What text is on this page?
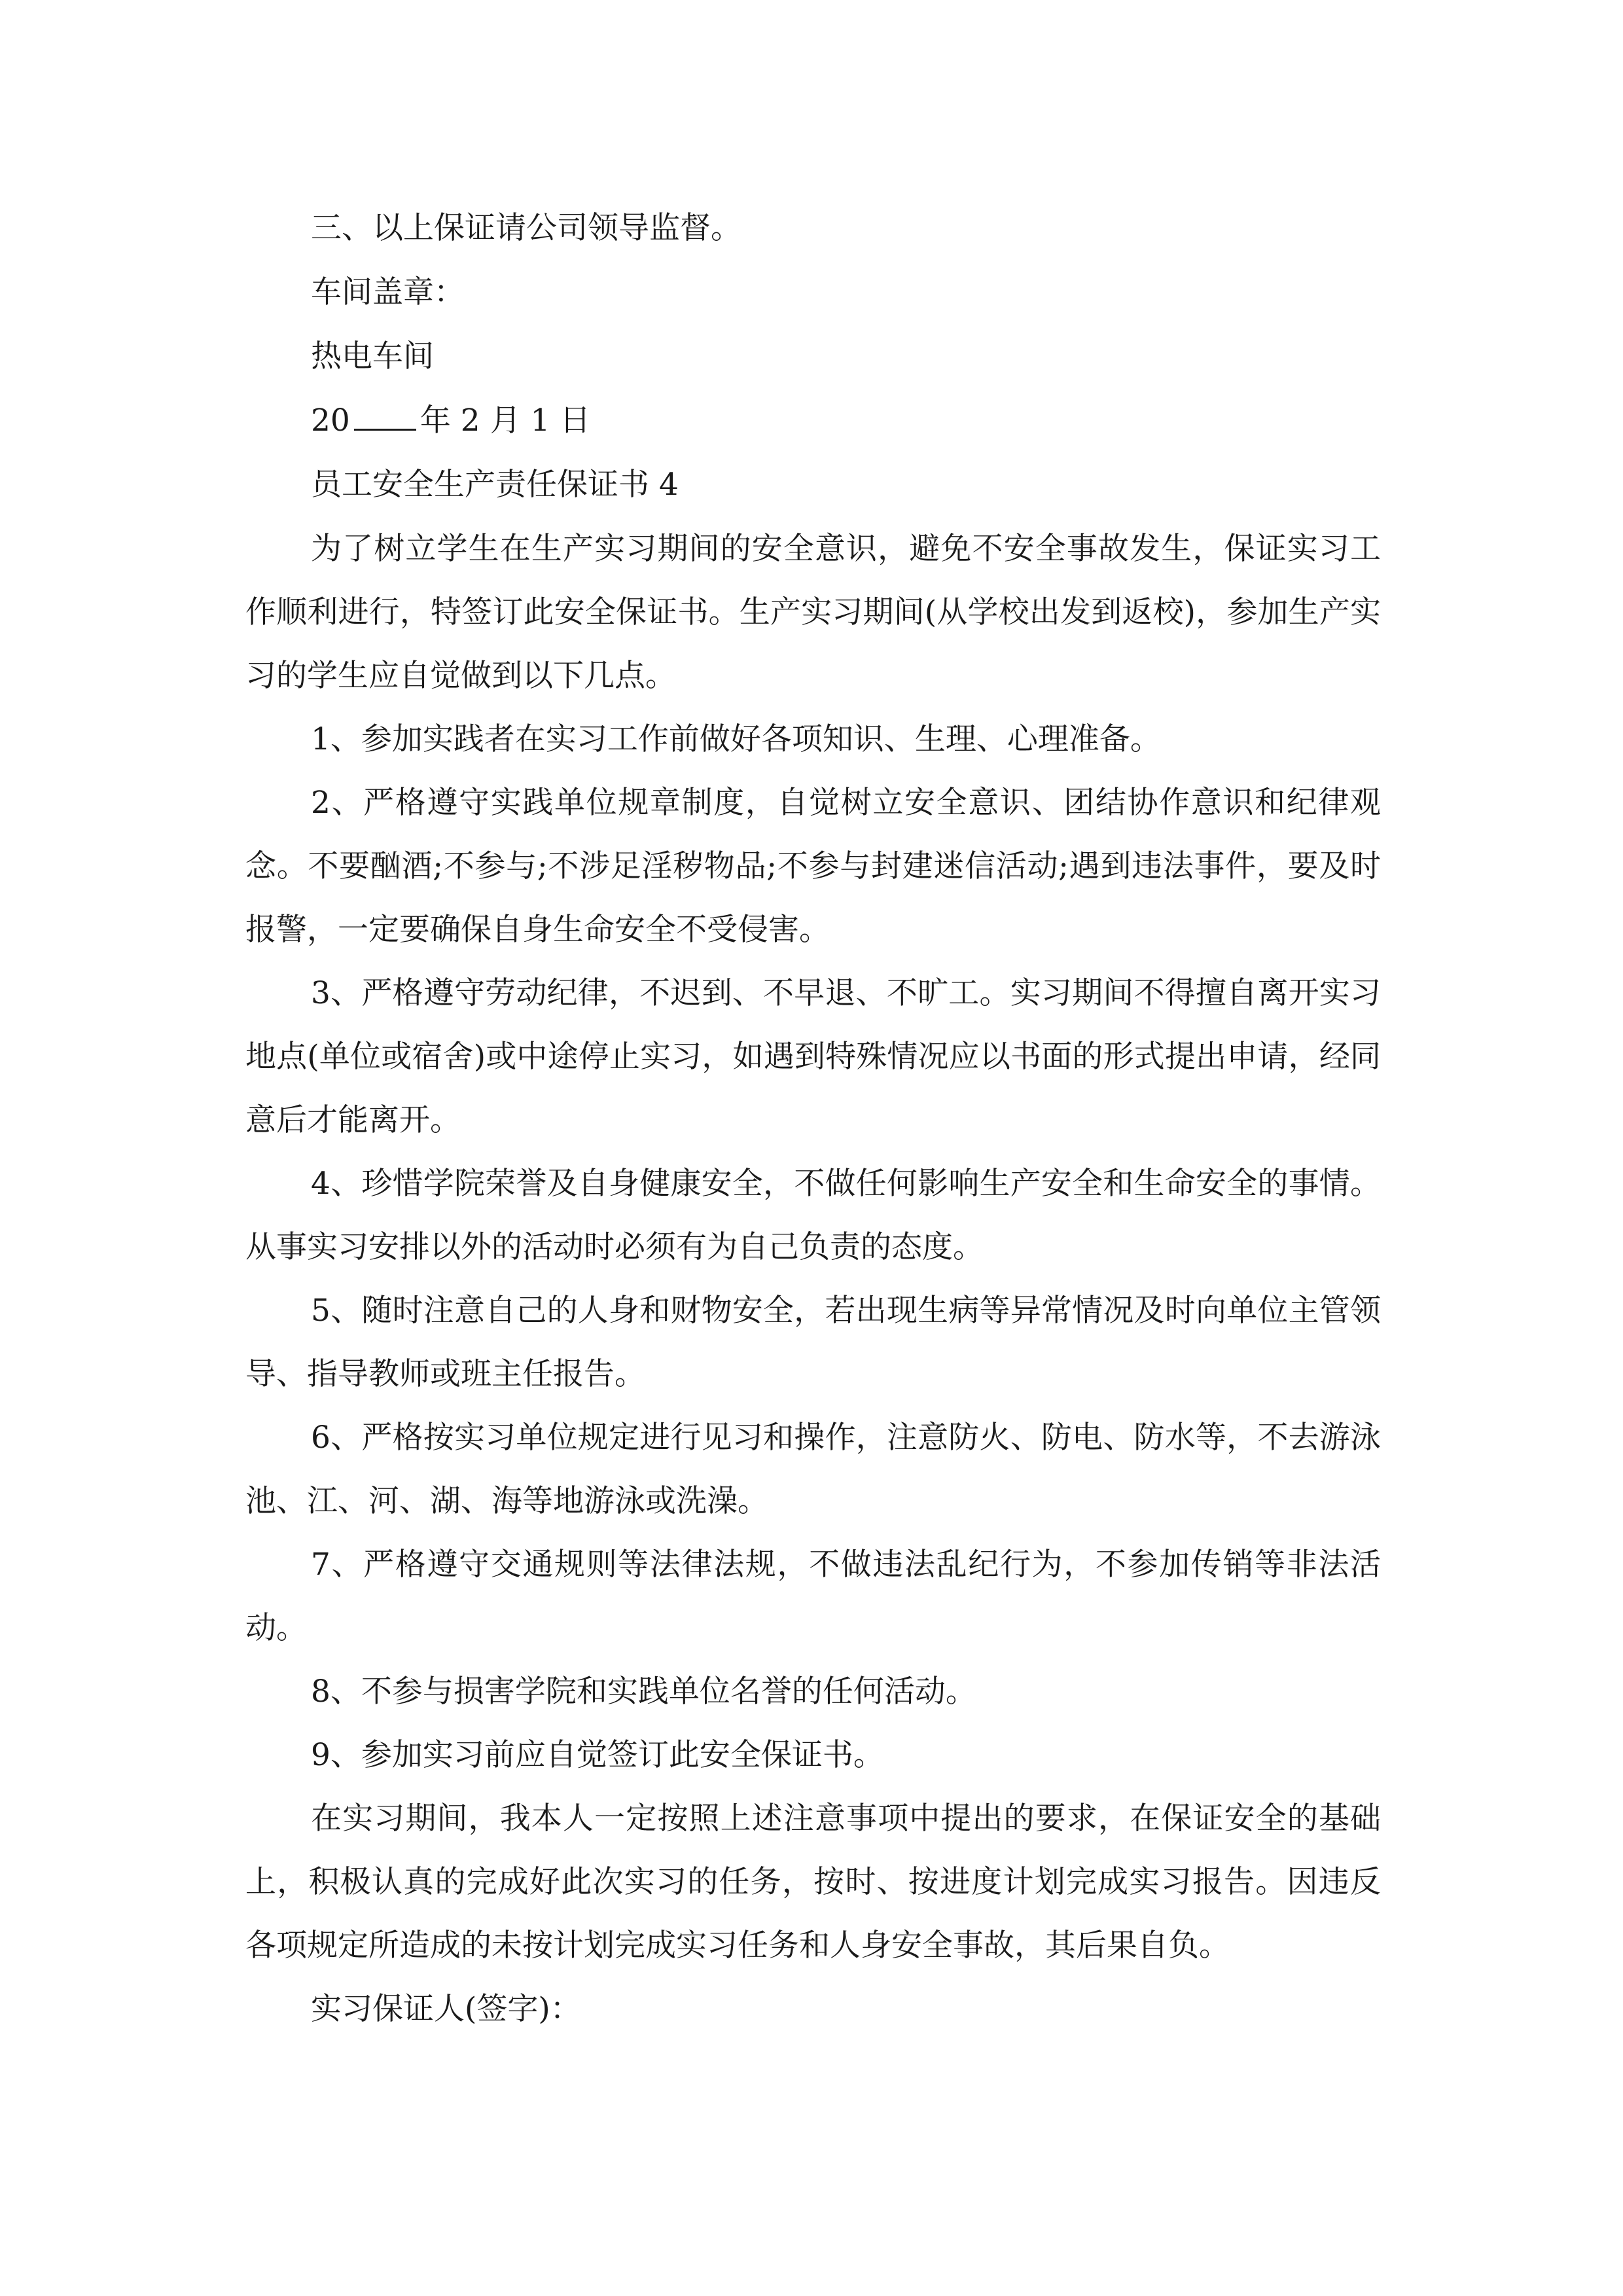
三、以上保证请公司领导监督。

车间盖章：

热电车间

20 年 2 月 1 日

员工安全生产责任保证书 4

为了树立学生在生产实习期间的安全意识，避免不安全事故发生，保证实习工作顺利进行，特签订此安全保证书。生产实习期间(从学校出发到返校)，参加生产实习的学生应自觉做到以下几点。

1、参加实践者在实习工作前做好各项知识、生理、心理准备。

2、严格遵守实践单位规章制度，自觉树立安全意识、团结协作意识和纪律观念。不要酗酒;不参与;不涉足淫秽物品;不参与封建迷信活动;遇到违法事件，要及时报警，一定要确保自身生命安全不受侵害。

3、严格遵守劳动纪律，不迟到、不早退、不旷工。实习期间不得擅自离开实习地点(单位或宿舍)或中途停止实习，如遇到特殊情况应以书面的形式提出申请，经同意后才能离开。

4、珍惜学院荣誉及自身健康安全，不做任何影响生产安全和生命安全的事情。从事实习安排以外的活动时必须有为自己负责的态度。

5、随时注意自己的人身和财物安全，若出现生病等异常情况及时向单位主管领导、指导教师或班主任报告。

6、严格按实习单位规定进行见习和操作，注意防火、防电、防水等，不去游泳池、江、河、湖、海等地游泳或洗澡。

7、严格遵守交通规则等法律法规，不做违法乱纪行为，不参加传销等非法活动。

8、不参与损害学院和实践单位名誉的任何活动。

9、参加实习前应自觉签订此安全保证书。

在实习期间，我本人一定按照上述注意事项中提出的要求，在保证安全的基础上，积极认真的完成好此次实习的任务，按时、按进度计划完成实习报告。因违反各项规定所造成的未按计划完成实习任务和人身安全事故，其后果自负。

实习保证人(签字)：
